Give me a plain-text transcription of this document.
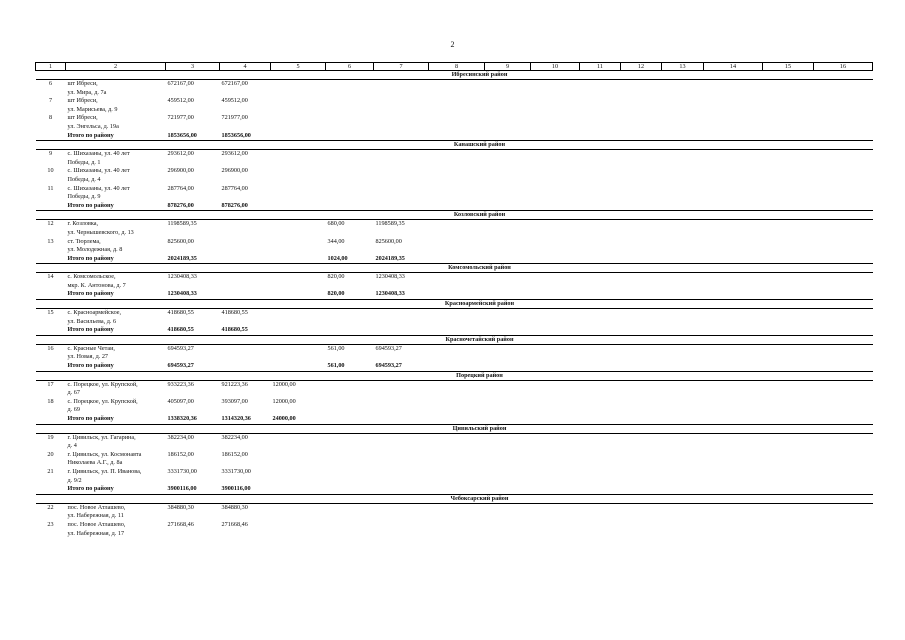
2
1	2	3	4	5	6	7	8	9	10	11	12	13	14	15	16
							Ибресинский район								
6	шт Ибреси,
ул. Мира, д. 7а	672167,00	672167,00												
7	шт Ибреси,
ул. Марисьева, д. 9	459512,00	459512,00												
8	шт Ибреси,
ул. Энгельса, д. 19а	721977,00	721977,00												
	Итого по району	1853656,00	1853656,00												
							Канашский район								
9	с. Шихазаны, ул. 40 лет
Победы, д. 1	293612,00	293612,00												
10	с. Шихазаны, ул. 40 лет
Победы, д. 4	296900,00	296900,00												
11	с. Шихазаны, ул. 40 лет
Победы, д. 9	287764,00	287764,00												
	Итого по району	878276,00	878276,00												
							Козловский район								
12	г. Козловка,
ул. Чернышевского, д. 13	1198589,35			680,00	1198589,35									
13	ст. Тюрлема,
ул. Молодежная, д. 8	825600,00			344,00	825600,00									
	Итого по району	2024189,35			1024,00	2024189,35									
							Комсомольский район								
14	с. Комсомольское,
мкр. К. Антонова, д. 7	1230408,33			820,00	1230408,33									
	Итого по району	1230408,33			820,00	1230408,33									
							Красноармейский район								
15	с. Красноармейское,
ул. Васильева, д. 6	418680,55	418680,55												
	Итого по району	418680,55	418680,55												
							Красночетайский район								
16	с. Красные Четаи,
ул. Новая, д. 27	694593,27			561,00	694593,27									
	Итого по району	694593,27			561,00	694593,27									
							Порецкий район								
17	с. Порецкое, ул. Крупской,
д. 67	933223,36	921223,36	12000,00											
18	с. Порецкое, ул. Крупской,
д. 69	405097,00	393097,00	12000,00											
	Итого по району	1338320,36	1314320,36	24000,00											
							Цивильский район								
19	г. Цивильск, ул. Гагарина,
д. 4	382234,00	382234,00												
20	г. Цивильск, ул. Космонавта
Николаева А.Г., д. 8а	186152,00	186152,00												
21	г. Цивильск, ул. П. Иванова,
д. 9/2	3331730,00	3331730,00												
	Итого по району	3900116,00	3900116,00												
							Чебоксарский район								
22	пос. Новое Атлашево,
ул. Набережная, д. 11	384880,30	384880,30												
23	пос. Новое Атлашево,
ул. Набережная, д. 17	271668,46	271668,46												
